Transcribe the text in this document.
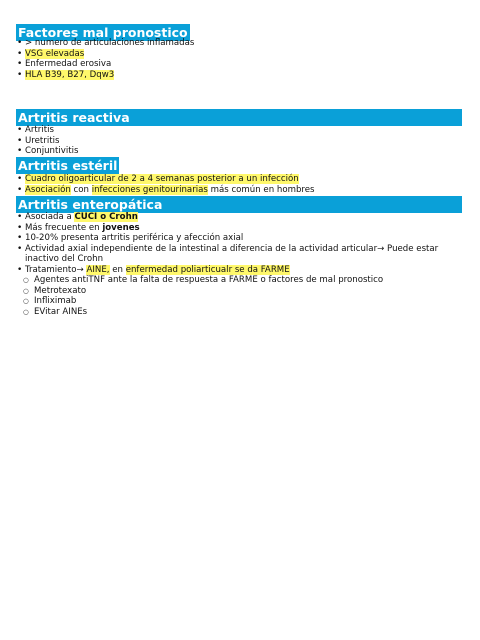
Factores mal pronostico
• > numero de articulaciones inflamadas
• VSG elevadas
• Enfermedad erosiva
• HLA B39, B27, Dqw3
Artritis reactiva
• Artritis
• Uretritis
• Conjuntivitis
Artritis estéril
• Cuadro oligoarticular de 2 a 4 semanas posterior a un infección
• Asociación con infecciones genitourinarias más común en hombres
Artritis enteropática
• Asociada a CUCI o Crohn
• Más frecuente en jovenes
• 10-20% presenta artritis periférica y afección axial
• Actividad axial independiente de la intestinal a diferencia de la actividad articular→ Puede estar inactivo del Crohn
• Tratamiento→ AINE, en enfermedad poliarticualr se da FARME
○ Agentes antiTNF ante la falta de respuesta a FARME o factores de mal pronostico
○ Metrotexato
○ Infliximab
○ EVitar AINEs
